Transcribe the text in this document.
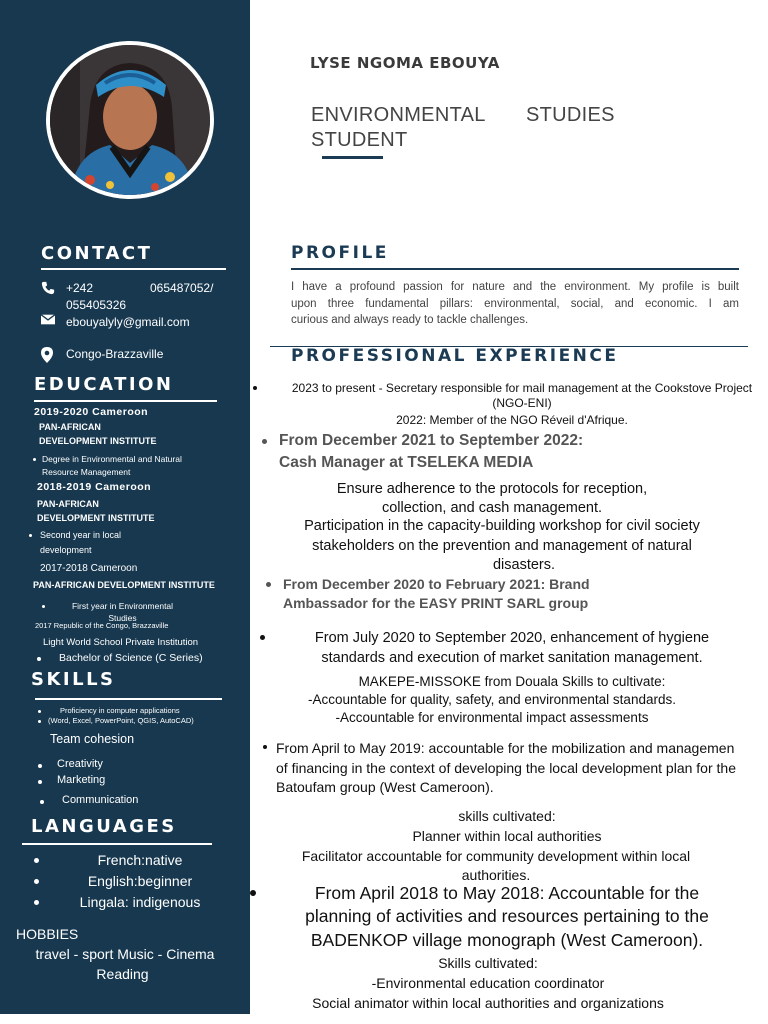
CONTACT
+242	065487052/
055405326
ebouyalyly@gmail.com
Congo-Brazzaville
EDUCATION
2019-2020 Cameroon
PAN-AFRICAN
DEVELOPMENT INSTITUTE
Degree in Environmental and Natural
Resource Management
2018-2019 Cameroon
PAN-AFRICAN
DEVELOPMENT INSTITUTE
Second year in local
development
2017-2018 Cameroon
PAN-AFRICAN DEVELOPMENT INSTITUTE
First year in Environmental
Studies
2017 Republic of the Congo, Brazzaville
Light World School Private Institution
Bachelor of Science (C Series)
SKILLS
Proficiency in computer applications
(Word, Excel, PowerPoint, QGIS, AutoCAD)
Team cohesion
Creativity
Marketing
Communication
LANGUAGES
French:native
English:beginner
Lingala: indigenous
HOBBIES
travel - sport Music - Cinema
Reading
LYSE NGOMA EBOUYA
ENVIRONMENTAL STUDIES
STUDENT
PROFILE
I have a profound passion for nature and the environment. My profile is built
upon three fundamental pillars: environmental, social, and economic. I am
curious and always ready to tackle challenges.
PROFESSIONAL EXPERIENCE
2023 to present - Secretary responsible for mail management at the Cookstove Project
(NGO-ENI)
2022: Member of the NGO Réveil d'Afrique.
From December 2021 to September 2022:
Cash Manager at TSELEKA MEDIA
Ensure adherence to the protocols for reception,
collection, and cash management.
Participation in the capacity-building workshop for civil society
stakeholders on the prevention and management of natural
disasters.
From December 2020 to February 2021: Brand
Ambassador for the EASY PRINT SARL group
From July 2020 to September 2020, enhancement of hygiene
standards and execution of market sanitation management.
MAKEPE-MISSOKE from Douala Skills to cultivate:
-Accountable for quality, safety, and environmental standards.
-Accountable for environmental impact assessments
From April to May 2019: accountable for the mobilization and managemen
of financing in the context of developing the local development plan for the
Batoufam group (West Cameroon).
skills cultivated:
Planner within local authorities
Facilitator accountable for community development within local
authorities.
From April 2018 to May 2018: Accountable for the
planning of activities and resources pertaining to the
BADENKOP village monograph (West Cameroon).
Skills cultivated:
-Environmental education coordinator
Social animator within local authorities and organizations
